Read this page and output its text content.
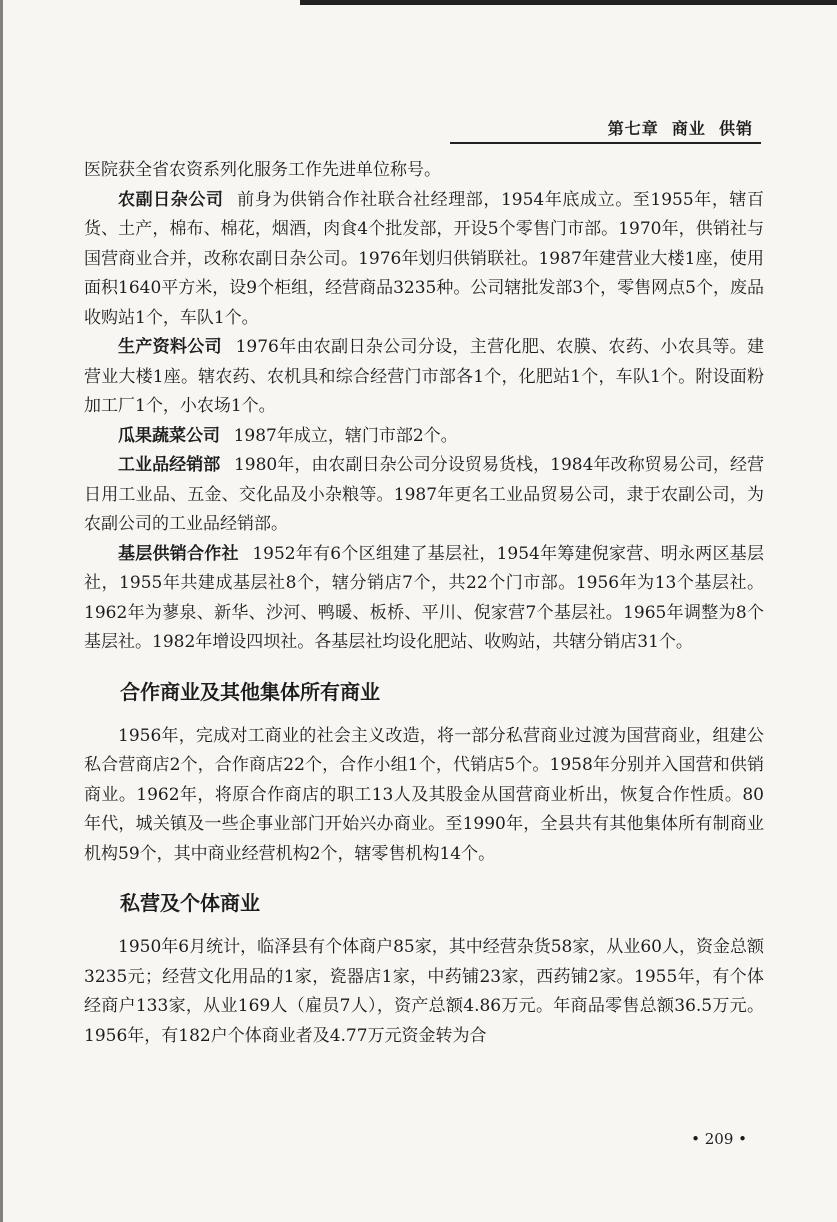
第七章  商业  供销

医院获全省农资系列化服务工作先进单位称号。

农副日杂公司 前身为供销合作社联合社经理部，1954年底成立。至1955年，辖百货、土产，棉布、棉花，烟酒，肉食4个批发部，开设5个零售门市部。1970年，供销社与国营商业合并，改称农副日杂公司。1976年划归供销联社。1987年建营业大楼1座，使用面积1640平方米，设9个柜组，经营商品3235种。公司辖批发部3个，零售网点5个，废品收购站1个，车队1个。

生产资料公司 1976年由农副日杂公司分设，主营化肥、农膜、农药、小农具等。建营业大楼1座。辖农药、农机具和综合经营门市部各1个，化肥站1个，车队1个。附设面粉加工厂1个，小农场1个。

瓜果蔬菜公司 1987年成立，辖门市部2个。

工业品经销部 1980年，由农副日杂公司分设贸易货栈，1984年改称贸易公司，经营日用工业品、五金、交化品及小杂粮等。1987年更名工业品贸易公司，隶于农副公司，为农副公司的工业品经销部。

基层供销合作社 1952年有6个区组建了基层社，1954年筹建倪家营、明永两区基层社，1955年共建成基层社8个，辖分销店7个，共22个门市部。1956年为13个基层社。1962年为蓼泉、新华、沙河、鸭暖、板桥、平川、倪家营7个基层社。1965年调整为8个基层社。1982年增设四坝社。各基层社均设化肥站、收购站，共辖分销店31个。

合作商业及其他集体所有商业

1956年，完成对工商业的社会主义改造，将一部分私营商业过渡为国营商业，组建公私合营商店2个，合作商店22个，合作小组1个，代销店5个。1958年分别并入国营和供销商业。1962年，将原合作商店的职工13人及其股金从国营商业析出，恢复合作性质。80年代，城关镇及一些企事业部门开始兴办商业。至1990年，全县共有其他集体所有制商业机构59个，其中商业经营机构2个，辖零售机构14个。

私营及个体商业

1950年6月统计，临泽县有个体商户85家，其中经营杂货58家，从业60人，资金总额3235元；经营文化用品的1家，瓷器店1家，中药铺23家，西药铺2家。1955年，有个体经商户133家，从业169人（雇员7人），资产总额4.86万元。年商品零售总额36.5万元。1956年，有182户个体商业者及4.77万元资金转为合

• 209 •
